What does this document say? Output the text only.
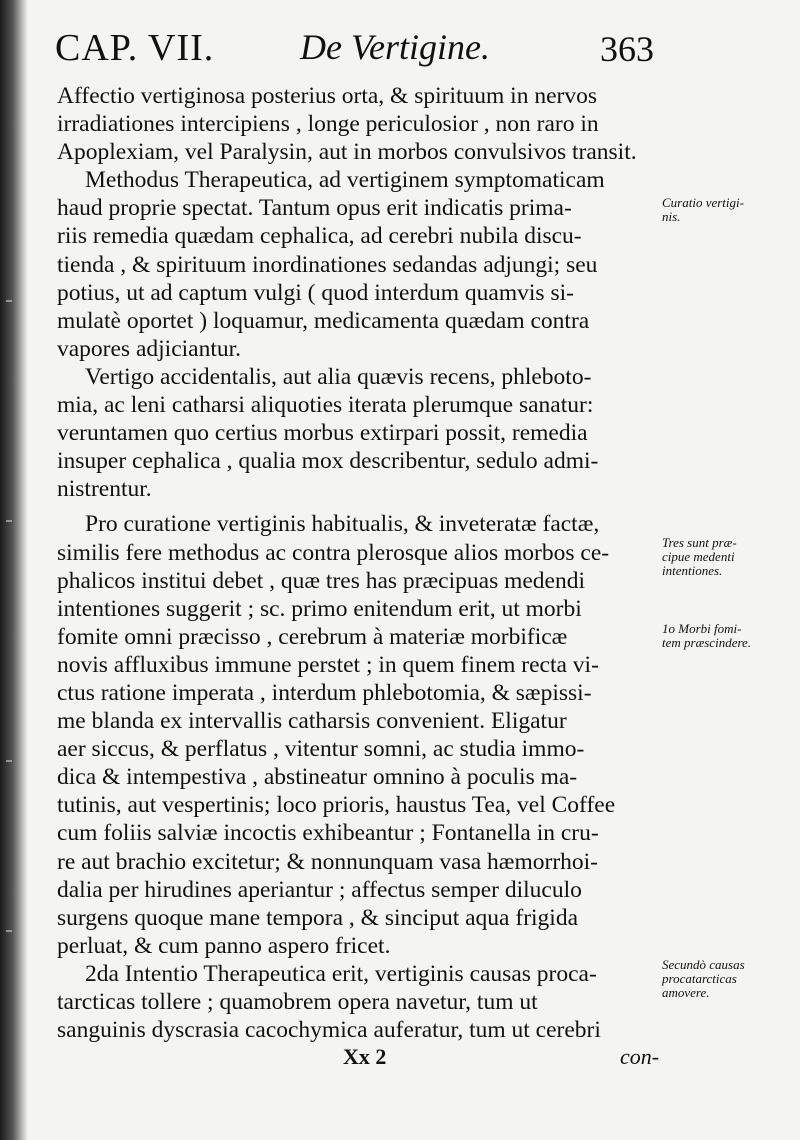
CAP. VII. De Vertigine.	363
Affectio vertiginosa posterius orta, & spirituum in nervos
irradiationes intercipiens , longe periculosior , non raro in
Apoplexiam, vel Paralysin, aut in morbos convulsivos transit.
Methodus Therapeutica, ad vertiginem symptomaticam
haud proprie spectat. Tantum opus erit indicatis prima-
riis remedia quædam cephalica, ad cerebri nubila discu-
tienda , & spirituum inordinationes sedandas adjungi; seu
potius, ut ad captum vulgi ( quod interdum quamvis si-
mulatè oportet ) loquamur, medicamenta quædam contra
vapores adjiciantur.
Vertigo accidentalis, aut alia quævis recens, phleboto-
mia, ac leni catharsi aliquoties iterata plerumque sanatur:
veruntamen quo certius morbus extirpari possit, remedia
insuper cephalica , qualia mox describentur, sedulo admi-
nistrentur.
Pro curatione vertiginis habitualis, & inveteratæ factæ,
similis fere methodus ac contra plerosque alios morbos ce-
phalicos institui debet , quæ tres has præcipuas medendi
intentiones suggerit ; sc. primo enitendum erit, ut morbi
fomite omni præcisso , cerebrum à materiæ morbificæ
novis affluxibus immune perstet ; in quem finem recta vi-
ctus ratione imperata , interdum phlebotomia, & sæpissi-
me blanda ex intervallis catharsis convenient. Eligatur
aer siccus, & perflatus , vitentur somni, ac studia immo-
dica & intempestiva , abstineatur omnino à poculis ma-
tutinis, aut vespertinis; loco prioris, haustus Tea, vel Coffee
cum foliis salviæ incoctis exhibeantur ; Fontanella in cru-
re aut brachio excitetur; & nonnunquam vasa hæmorrhoi-
dalia per hirudines aperiantur ; affectus semper diluculo
surgens quoque mane tempora , & sinciput aqua frigida
perluat, & cum panno aspero fricet.
2da Intentio Therapeutica erit, vertiginis causas proca-
tarcticas tollere ; quamobrem opera navetur, tum ut
sanguinis dyscrasia cacochymica auferatur, tum ut cerebri
Curatio vertigi-
nis.
Tres sunt præ-
cipue medenti
intentiones.
1o Morbi fomi-
tem præscindere.
Secundò causas
procatarcticas
amovere.
Xx 2	con-
